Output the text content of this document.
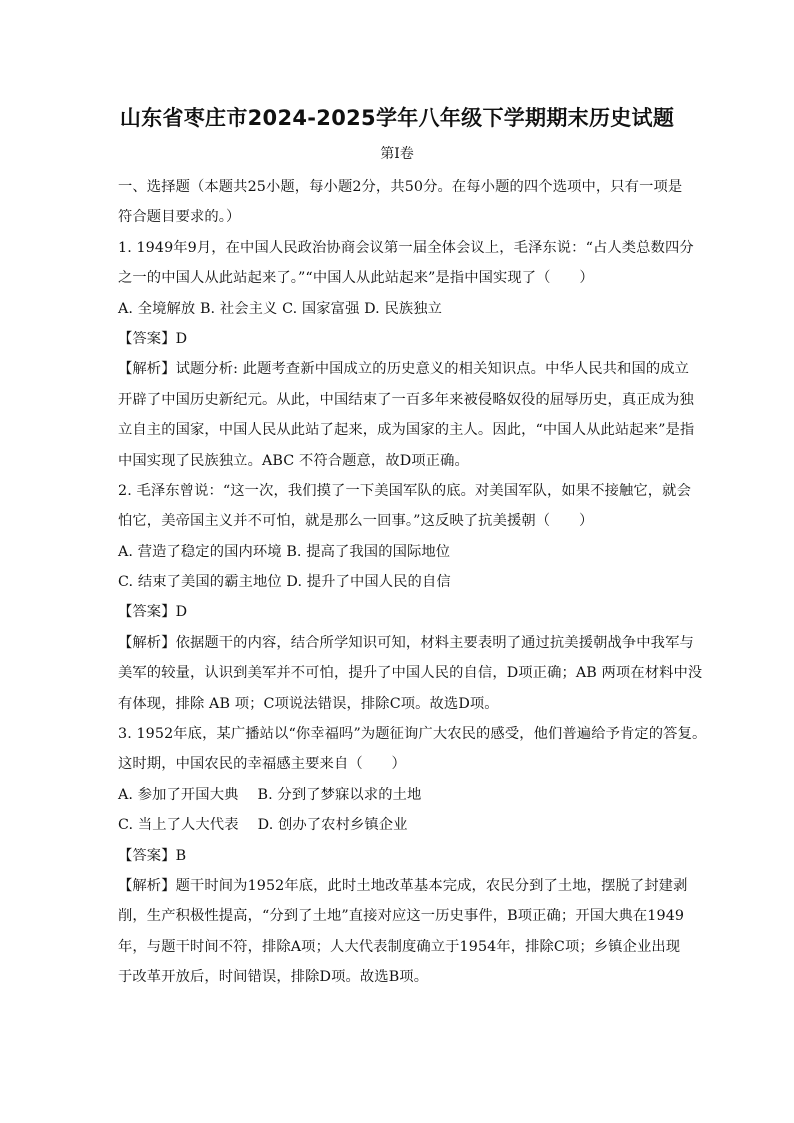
山东省枣庄市2024-2025学年八年级下学期期末历史试题
第Ⅰ卷
一、选择题（本题共25小题，每小题2分，共50分。在每小题的四个选项中，只有一项是
符合题目要求的。）
1. 1949年9月，在中国人民政治协商会议第一届全体会议上，毛泽东说：“占人类总数四分
之一的中国人从此站起来了。”“中国人从此站起来”是指中国实现了（　　）
A. 全境解放 B. 社会主义 C. 国家富强 D. 民族独立
【答案】D
【解析】试题分析: 此题考查新中国成立的历史意义的相关知识点。中华人民共和国的成立
开辟了中国历史新纪元。从此，中国结束了一百多年来被侵略奴役的屈辱历史，真正成为独
立自主的国家，中国人民从此站了起来，成为国家的主人。因此，“中国人从此站起来”是指
中国实现了民族独立。ABC 不符合题意，故D项正确。
2. 毛泽东曾说：“这一次，我们摸了一下美国军队的底。对美国军队，如果不接触它，就会
怕它，美帝国主义并不可怕，就是那么一回事。”这反映了抗美援朝（　　）
A. 营造了稳定的国内环境 B. 提高了我国的国际地位
C. 结束了美国的霸主地位 D. 提升了中国人民的自信
【答案】D
【解析】依据题干的内容，结合所学知识可知，材料主要表明了通过抗美援朝战争中我军与
美军的较量，认识到美军并不可怕，提升了中国人民的自信，D项正确；AB 两项在材料中没
有体现，排除 AB 项；C项说法错误，排除C项。故选D项。
3. 1952年底，某广播站以“你幸福吗”为题征询广大农民的感受，他们普遍给予肯定的答复。
这时期，中国农民的幸福感主要来自（　　）
A. 参加了开国大典　 B. 分到了梦寐以求的土地
C. 当上了人大代表　 D. 创办了农村乡镇企业
【答案】B
【解析】题干时间为1952年底，此时土地改革基本完成，农民分到了土地，摆脱了封建剥
削，生产积极性提高，“分到了土地”直接对应这一历史事件，B项正确；开国大典在1949
年，与题干时间不符，排除A项；人大代表制度确立于1954年，排除C项；乡镇企业出现
于改革开放后，时间错误，排除D项。故选B项。
